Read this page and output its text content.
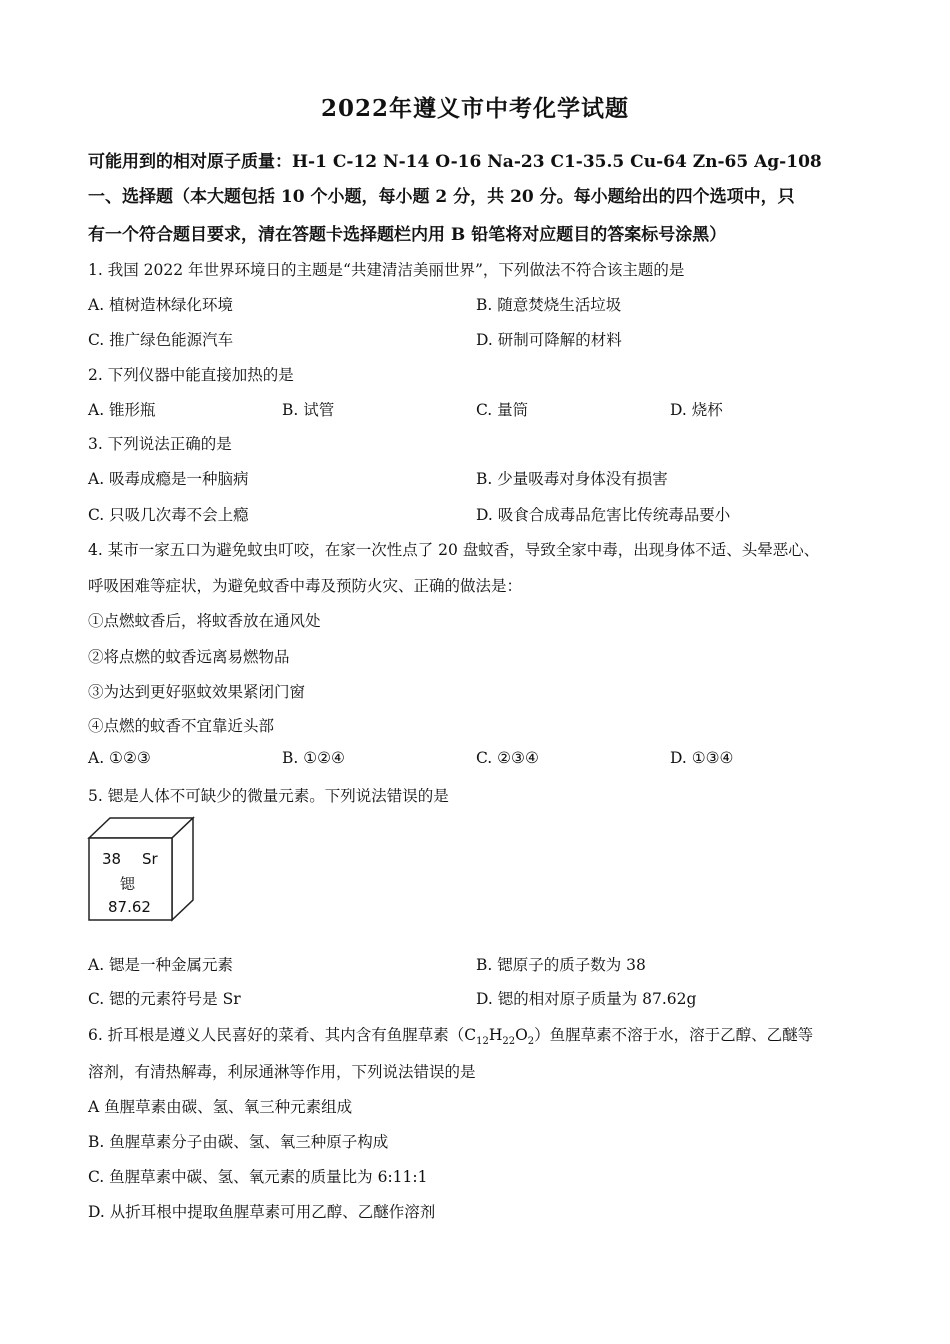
2022年遵义市中考化学试题
可能用到的相对原子质量：H-1 C-12 N-14 O-16 Na-23 C1-35.5 Cu-64 Zn-65 Ag-108
一、选择题（本大题包括 10 个小题，每小题 2 分，共 20 分。每小题给出的四个选项中，只
有一个符合题目要求，清在答题卡选择题栏内用 B 铅笔将对应题目的答案标号涂黑）
1. 我国 2022 年世界环境日的主题是“共建清洁美丽世界”，下列做法不符合该主题的是
A. 植树造林绿化环境	B. 随意焚烧生活垃圾
C. 推广绿色能源汽车	D. 研制可降解的材料
2. 下列仪器中能直接加热的是
A. 锥形瓶	B. 试管	C. 量筒	D. 烧杯
3. 下列说法正确的是
A. 吸毒成瘾是一种脑病	B. 少量吸毒对身体没有损害
C. 只吸几次毒不会上瘾	D. 吸食合成毒品危害比传统毒品要小
4. 某市一家五口为避免蚊虫叮咬，在家一次性点了 20 盘蚊香，导致全家中毒，出现身体不适、头晕恶心、
呼吸困难等症状，为避免蚊香中毒及预防火灾、正确的做法是：
①点燃蚊香后，将蚊香放在通风处
②将点燃的蚊香远离易燃物品
③为达到更好驱蚊效果紧闭门窗
④点燃的蚊香不宜靠近头部
A. ①②③	B. ①②④	C. ②③④	D. ①③④
5. 锶是人体不可缺少的微量元素。下列说法错误的是
38 Sr
锶
87.62
A. 锶是一种金属元素	B. 锶原子的质子数为 38
C. 锶的元素符号是 Sr	D. 锶的相对原子质量为 87.62g
6. 折耳根是遵义人民喜好的菜肴、其内含有鱼腥草素$(C_{12}H_{22}O_2)$鱼腥草素不溶于水，溶于乙醇、乙醚等
溶剂，有清热解毒，利尿通淋等作用，下列说法错误的是
A 鱼腥草素由碳、氢、氧三种元素组成
B. 鱼腥草素分子由碳、氢、氧三种原子构成
C. 鱼腥草素中碳、氢、氧元素的质量比为 6:11:1
D. 从折耳根中提取鱼腥草素可用乙醇、乙醚作溶剂
